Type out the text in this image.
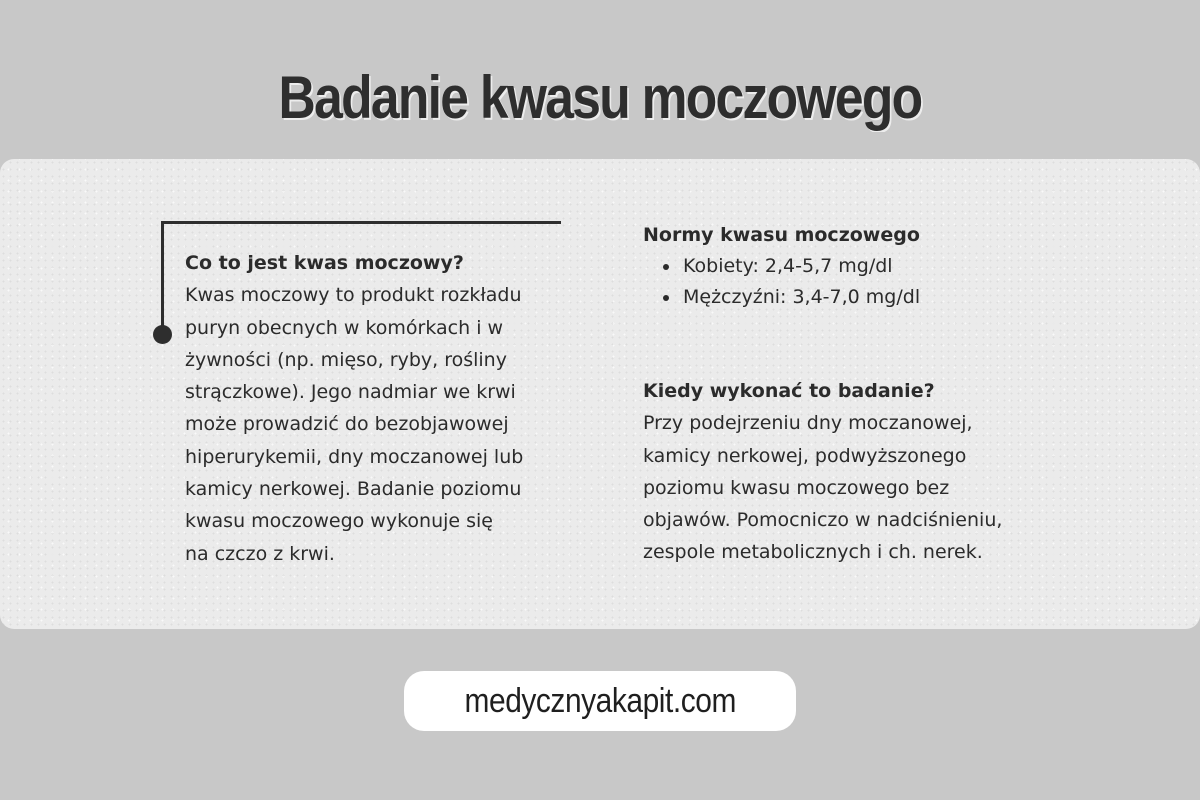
Badanie kwasu moczowego

Co to jest kwas moczowy?

Kwas moczowy to produkt rozkładu
puryn obecnych w komórkach i w
żywności (np. mięso, ryby, rośliny
strączkowe). Jego nadmiar we krwi
może prowadzić do bezobjawowej
hiperurykemii, dny moczanowej lub
kamicy nerkowej. Badanie poziomu
kwasu moczowego wykonuje się
na czczo z krwi.

Normy kwasu moczowego

Kobiety: 2,4-5,7 mg/dl
Mężczyźni: 3,4-7,0 mg/dl

Kiedy wykonać to badanie?

Przy podejrzeniu dny moczanowej,
kamicy nerkowej, podwyższonego
poziomu kwasu moczowego bez
objawów. Pomocniczo w nadciśnieniu,
zespole metabolicznych i ch. nerek.

medycznyakapit.com
